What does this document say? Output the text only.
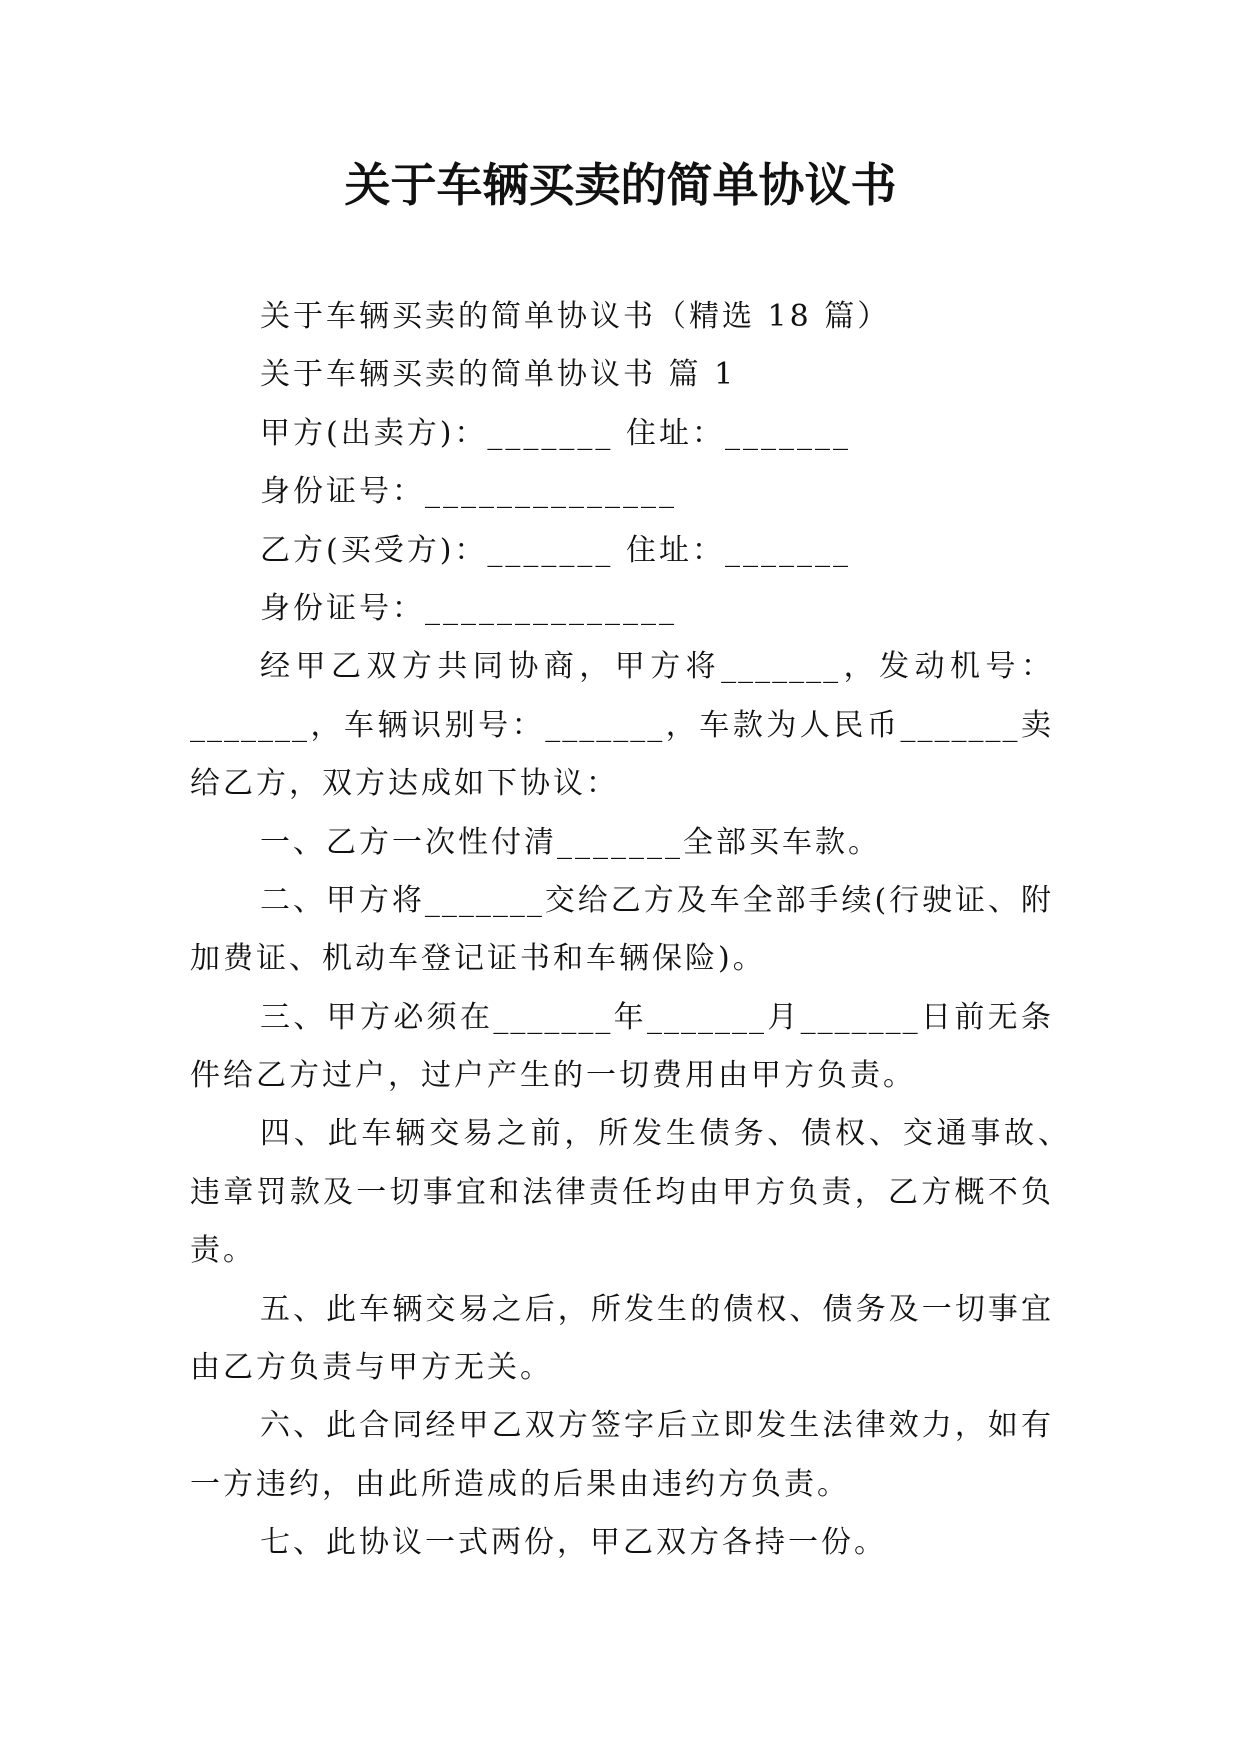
关于车辆买卖的简单协议书
关于车辆买卖的简单协议书（精选 18 篇）
关于车辆买卖的简单协议书 篇 1
甲方(出卖方)：_______ 住址：_______
身份证号：______________
乙方(买受方)：_______ 住址：_______
身份证号：______________
经甲乙双方共同协商，甲方将_______，发动机号：
_______，车辆识别号：_______，车款为人民币_______卖
给乙方，双方达成如下协议：
一、乙方一次性付清_______全部买车款。
二、甲方将_______交给乙方及车全部手续(行驶证、附
加费证、机动车登记证书和车辆保险)。
三、甲方必须在_______年_______月_______日前无条
件给乙方过户，过户产生的一切费用由甲方负责。
四、此车辆交易之前，所发生债务、债权、交通事故、
违章罚款及一切事宜和法律责任均由甲方负责，乙方概不负
责。
五、此车辆交易之后，所发生的债权、债务及一切事宜
由乙方负责与甲方无关。
六、此合同经甲乙双方签字后立即发生法律效力，如有
一方违约，由此所造成的后果由违约方负责。
七、此协议一式两份，甲乙双方各持一份。
